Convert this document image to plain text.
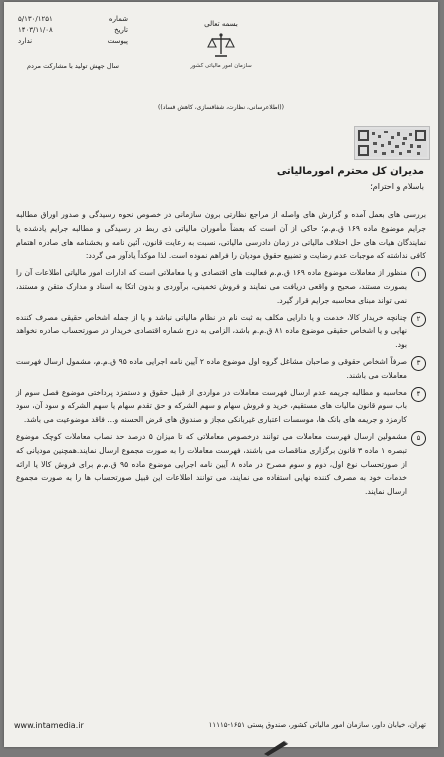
شماره
۵/۱۳۰/۱۲۵۱
تاریخ
۱۴۰۳/۱۱/۰۸
پیوست
ندارد
سال جهش تولید با مشارکت مردم
بسمه تعالی
سازمان امور مالیاتی کشور
((اطلاعرسانی، نظارت، شفافسازی، کاهش فساد))
مدیران کل محترم امورمالیاتی
باسلام و احترام؛

بررسی های بعمل آمده و گزارش های واصله از مراجع نظارتی برون سازمانی در خصوص نحوه رسیدگی و صدور اوراق مطالبه جرایم موضوع ماده ۱۶۹ ق.م.م؛ حاکی از آن است که بعضاً مأموران مالیاتی ذی ربط در رسیدگی و مطالبه جرایم یادشده یا نمایندگان هیات های حل اختلاف مالیاتی در زمان دادرسی مالیاتی، نسبت به رعایت قانون، آئین نامه و بخشنامه های صادره اهتمام کافی نداشته که موجبات عدم رضایت و تضییع حقوق مودیان را فراهم نموده است. لذا موکداً یادآور می گردد:

۱
منظور از معاملات موضوع ماده ۱۶۹ ق.م.م فعالیت های اقتصادی و یا معاملاتی است که ادارات امور مالیاتی اطلاعات آن را بصورت مستند، صحیح و واقعی دریافت می نمایند و فروش تخمینی، برآوردی و بدون اتکا به اسناد و مدارک متقن و مستند، نمی تواند مبنای محاسبه جرایم قرار گیرد.
۲
چنانچه خریدار کالا، خدمت و یا دارایی مکلف به ثبت نام در نظام مالیاتی نباشد و یا از جمله اشخاص حقیقی مصرف کننده نهایی و یا اشخاص حقیقی موضوع ماده ۸۱ ق.م.م باشد، الزامی به درج شماره اقتصادی خریدار در صورتحساب صادره نخواهد بود.
۳
صرفاً اشخاص حقوقی و صاحبان مشاغل گروه اول موضوع ماده ۲ آیین نامه اجرایی ماده ۹۵ ق.م.م، مشمول ارسال فهرست معاملات می باشند.
۴
محاسبه و مطالبه جریمه عدم ارسال فهرست معاملات در مواردی از قبیل حقوق و دستمزد پرداختی موضوع فصل سوم از باب سوم قانون مالیات های مستقیم، خرید و فروش سهام و سهم الشرکه و حق تقدم سهام یا سهم الشرکه و سود آن، سود کارمزد و جریمه های بانک ها، موسسات اعتباری غیربانکی مجاز و صندوق های قرض الحسنه و... فاقد موضوعیت می باشد.
۵
مشمولین ارسال فهرست معاملات می توانند درخصوص معاملاتی که تا میزان ۵ درصد حد نصاب معاملات کوچک موضوع تبصره ۱ ماده ۳ قانون برگزاری مناقصات می باشند، فهرست معاملات را به صورت مجموع ارسال نمایند.همچنین مودیانی که از صورتحساب نوع اول، دوم و سوم مصرح در ماده ۸ آیین نامه اجرایی موضوع ماده ۹۵ ق.م.م برای فروش کالا یا ارائه خدمات خود به مصرف کننده نهایی استفاده می نمایند، می توانند اطلاعات این قبیل صورتحساب ها را به صورت مجموع ارسال نمایند.
تهران، خیابان داور، سازمان امور مالیاتی کشور، صندوق پستی ۱۶۵۱-۱۱۱۱۵
www.intamedia.ir
